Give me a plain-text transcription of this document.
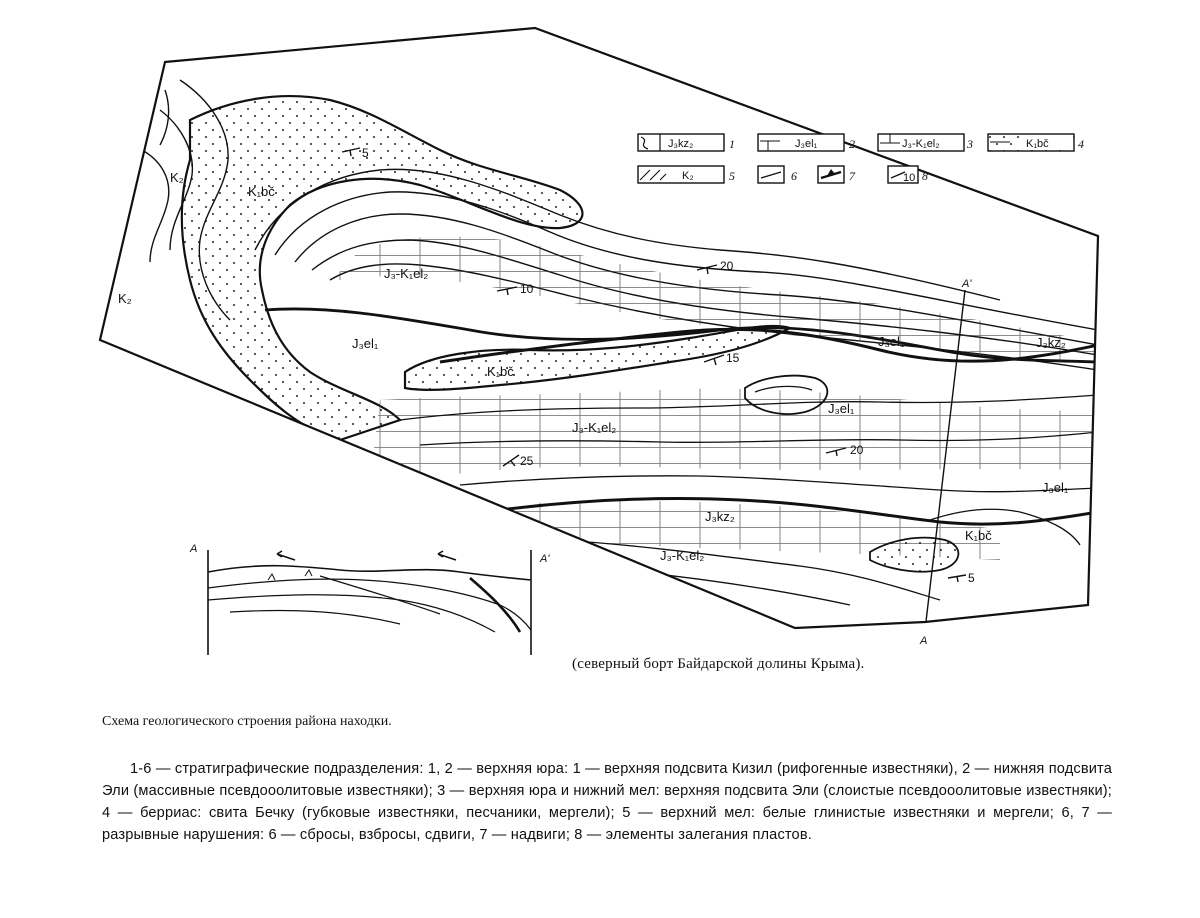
K₂
K₂
K₁bč
K₁bč
K₁bč
J₃-K₁el₂
J₃-K₁el₂
J₃-K₁el₂
J₃el₁	J₃el₁
J₃el₁
J₃el₁
J₃kz₂
J₃kz₂
5
20
10
15
20
25
5
A'
A
J₃kz₂	1	J₃el₁	2	J₃-K₁el₂ 3	K₁bč 4
K₂	5	6	7	10 8
A
A'
(северный борт Байдарской долины Крыма).
Схема геологического строения района находки.
1-6 — стратиграфические подразделения: 1, 2 — верхняя юра: 1 — верхняя подсвита Кизил (рифогенные известняки), 2 — нижняя подсвита Эли (массивные псевдооолитовые известняки); 3 — верхняя юра и нижний мел: верхняя подсвита Эли (слоистые псевдооолитовые известняки); 4 — берриас: свита Бечку (губковые известняки, песчаники, мергели); 5 — верхний мел: белые глинистые известняки и мергели; 6, 7 — разрывные нарушения: 6 — сбросы, взбросы, сдвиги, 7 — надвиги; 8 — элементы залегания пластов.
